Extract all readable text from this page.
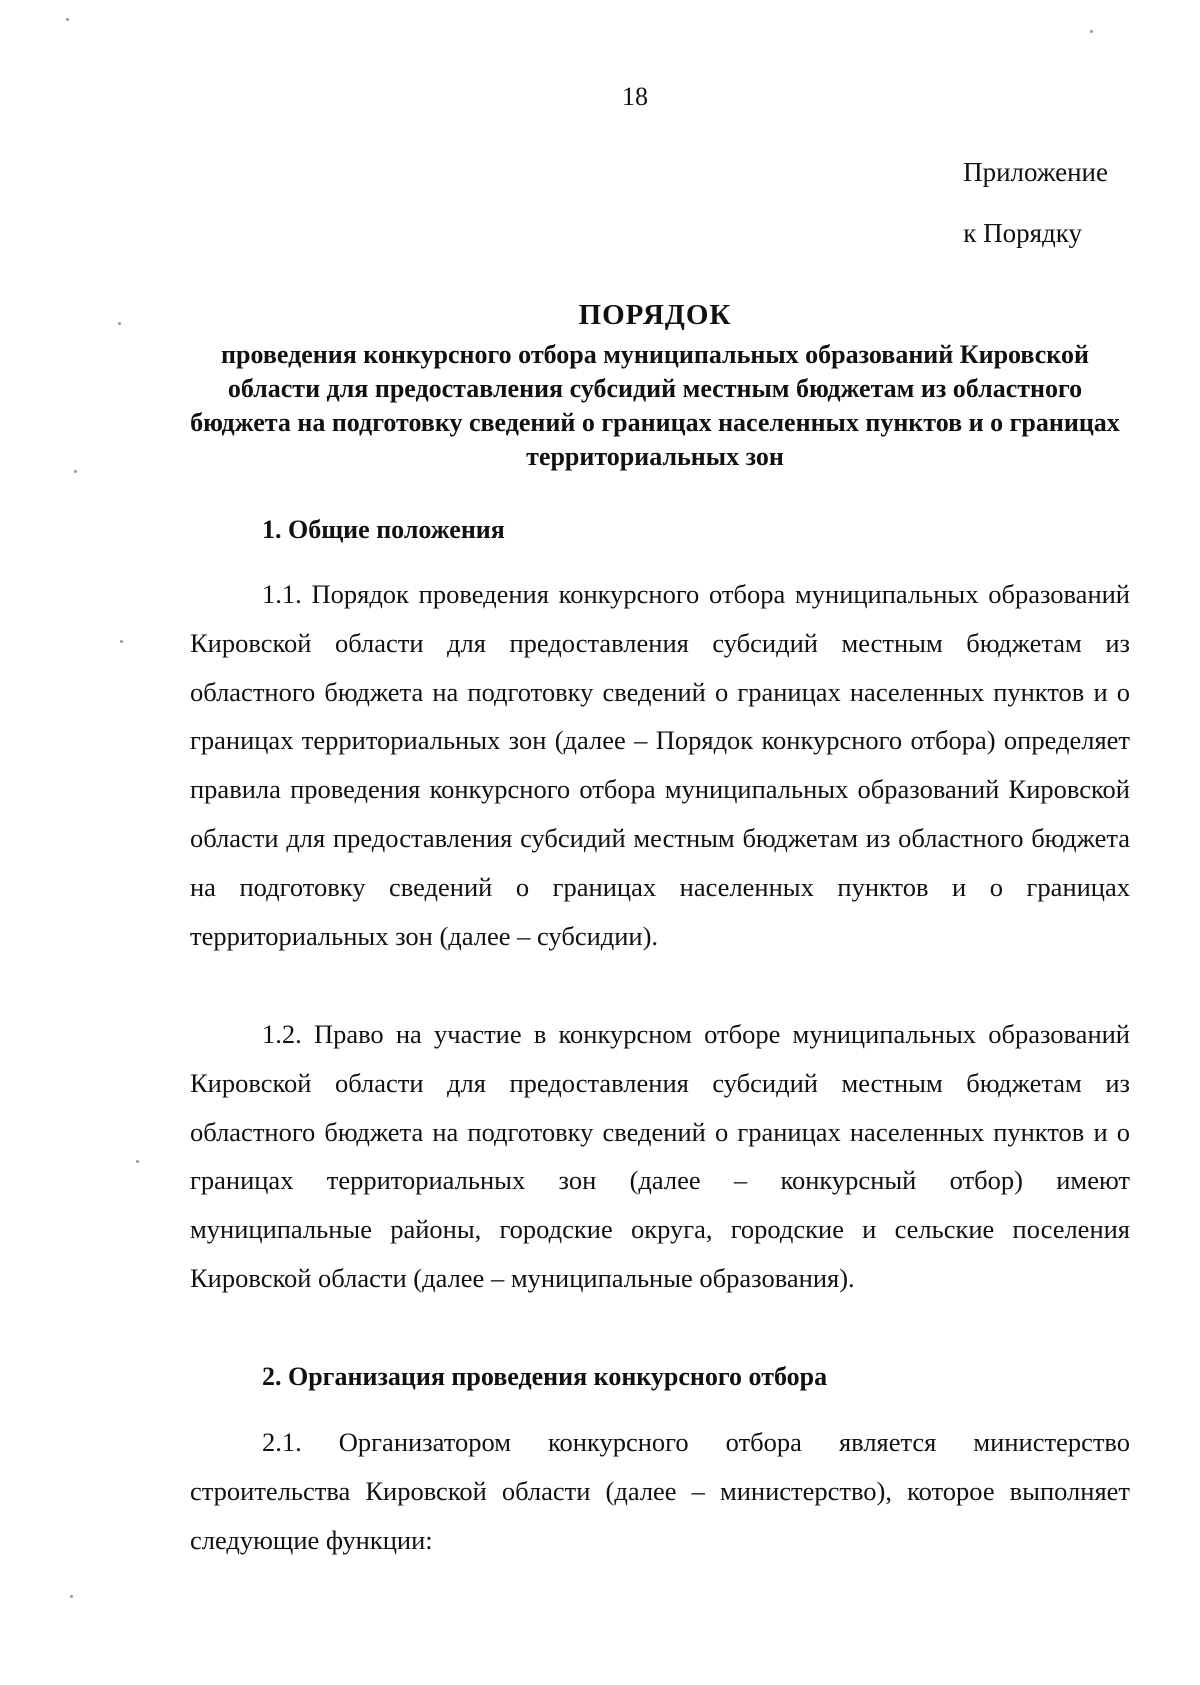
18
Приложение
к Порядку
ПОРЯДОК
проведения конкурсного отбора муниципальных образований Кировской области для предоставления субсидий местным бюджетам из областного бюджета на подготовку сведений о границах населенных пунктов и о границах территориальных зон
1. Общие положения

1.1. Порядок проведения конкурсного отбора муниципальных образований Кировской области для предоставления субсидий местным бюджетам из областного бюджета на подготовку сведений о границах населенных пунктов и о границах территориальных зон (далее – Порядок конкурсного отбора) определяет правила проведения конкурсного отбора муниципальных образований Кировской области для предоставления субсидий местным бюджетам из областного бюджета на подготовку сведений о границах населенных пунктов и о границах территориальных зон (далее – субсидии).

1.2. Право на участие в конкурсном отборе муниципальных образований Кировской области для предоставления субсидий местным бюджетам из областного бюджета на подготовку сведений о границах населенных пунктов и о границах территориальных зон (далее – конкурсный отбор) имеют муниципальные районы, городские округа, городские и сельские поселения Кировской области (далее – муниципальные образования).

2. Организация проведения конкурсного отбора

2.1. Организатором конкурсного отбора является министерство строительства Кировской области (далее – министерство), которое выполняет следующие функции:
